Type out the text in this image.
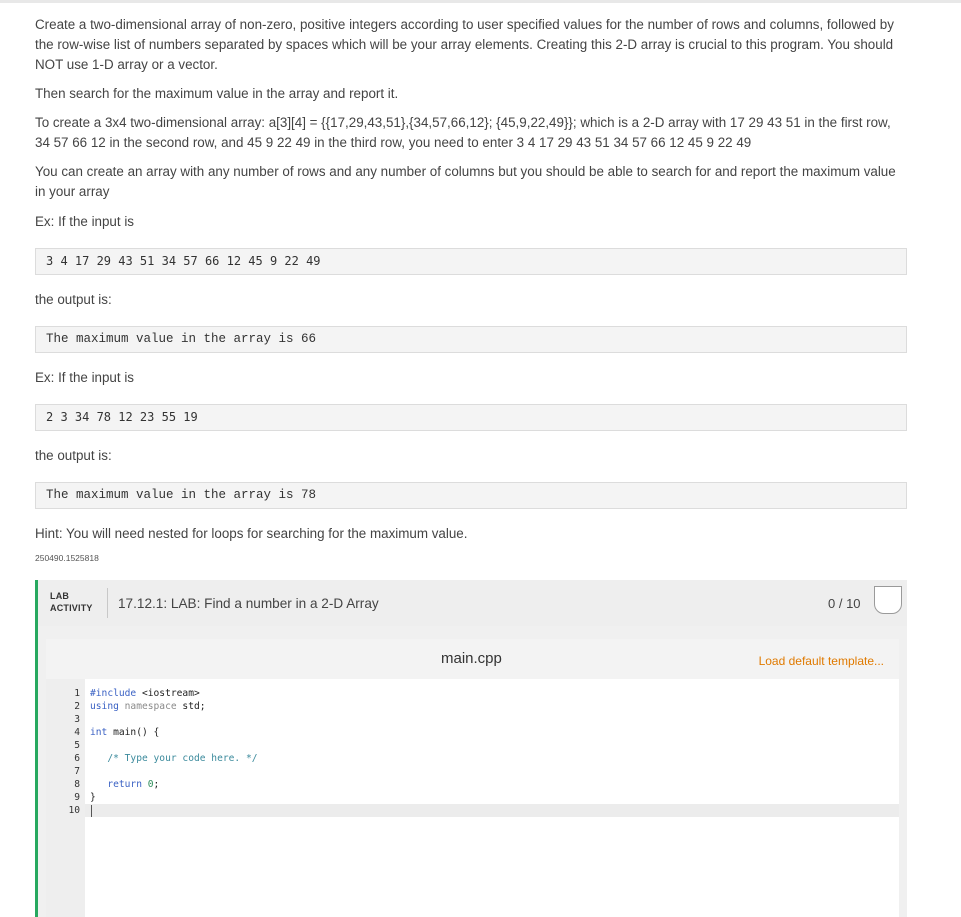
Create a two-dimensional array of non-zero, positive integers according to user specified values for the number of rows and columns, followed by the row-wise list of numbers separated by spaces which will be your array elements. Creating this 2-D array is crucial to this program. You should NOT use 1-D array or a vector.

Then search for the maximum value in the array and report it.

To create a 3x4 two-dimensional array: a[3][4] = {{17,29,43,51},{34,57,66,12}; {45,9,22,49}}; which is a 2-D array with 17 29 43 51 in the first row, 34 57 66 12 in the second row, and 45 9 22 49 in the third row, you need to enter 3 4 17 29 43 51 34 57 66 12 45 9 22 49

You can create an array with any number of rows and any number of columns but you should be able to search for and report the maximum value in your array

Ex: If the input is
3 4 17 29 43 51 34 57 66 12 45 9 22 49
the output is:
The maximum value in the array is 66
Ex: If the input is
2 3 34 78 12 23 55 19
the output is:
The maximum value in the array is 78
Hint: You will need nested for loops for searching for the maximum value.
250490.1525818
LAB
ACTIVITY 17.12.1: LAB: Find a number in a 2-D Array	0 / 10
main.cpp	Load default template...
1 #include <iostream>
2 using namespace std;
3
4 int main() {
5
6 /* Type your code here. */
7
8	return 0;
9 }
10
